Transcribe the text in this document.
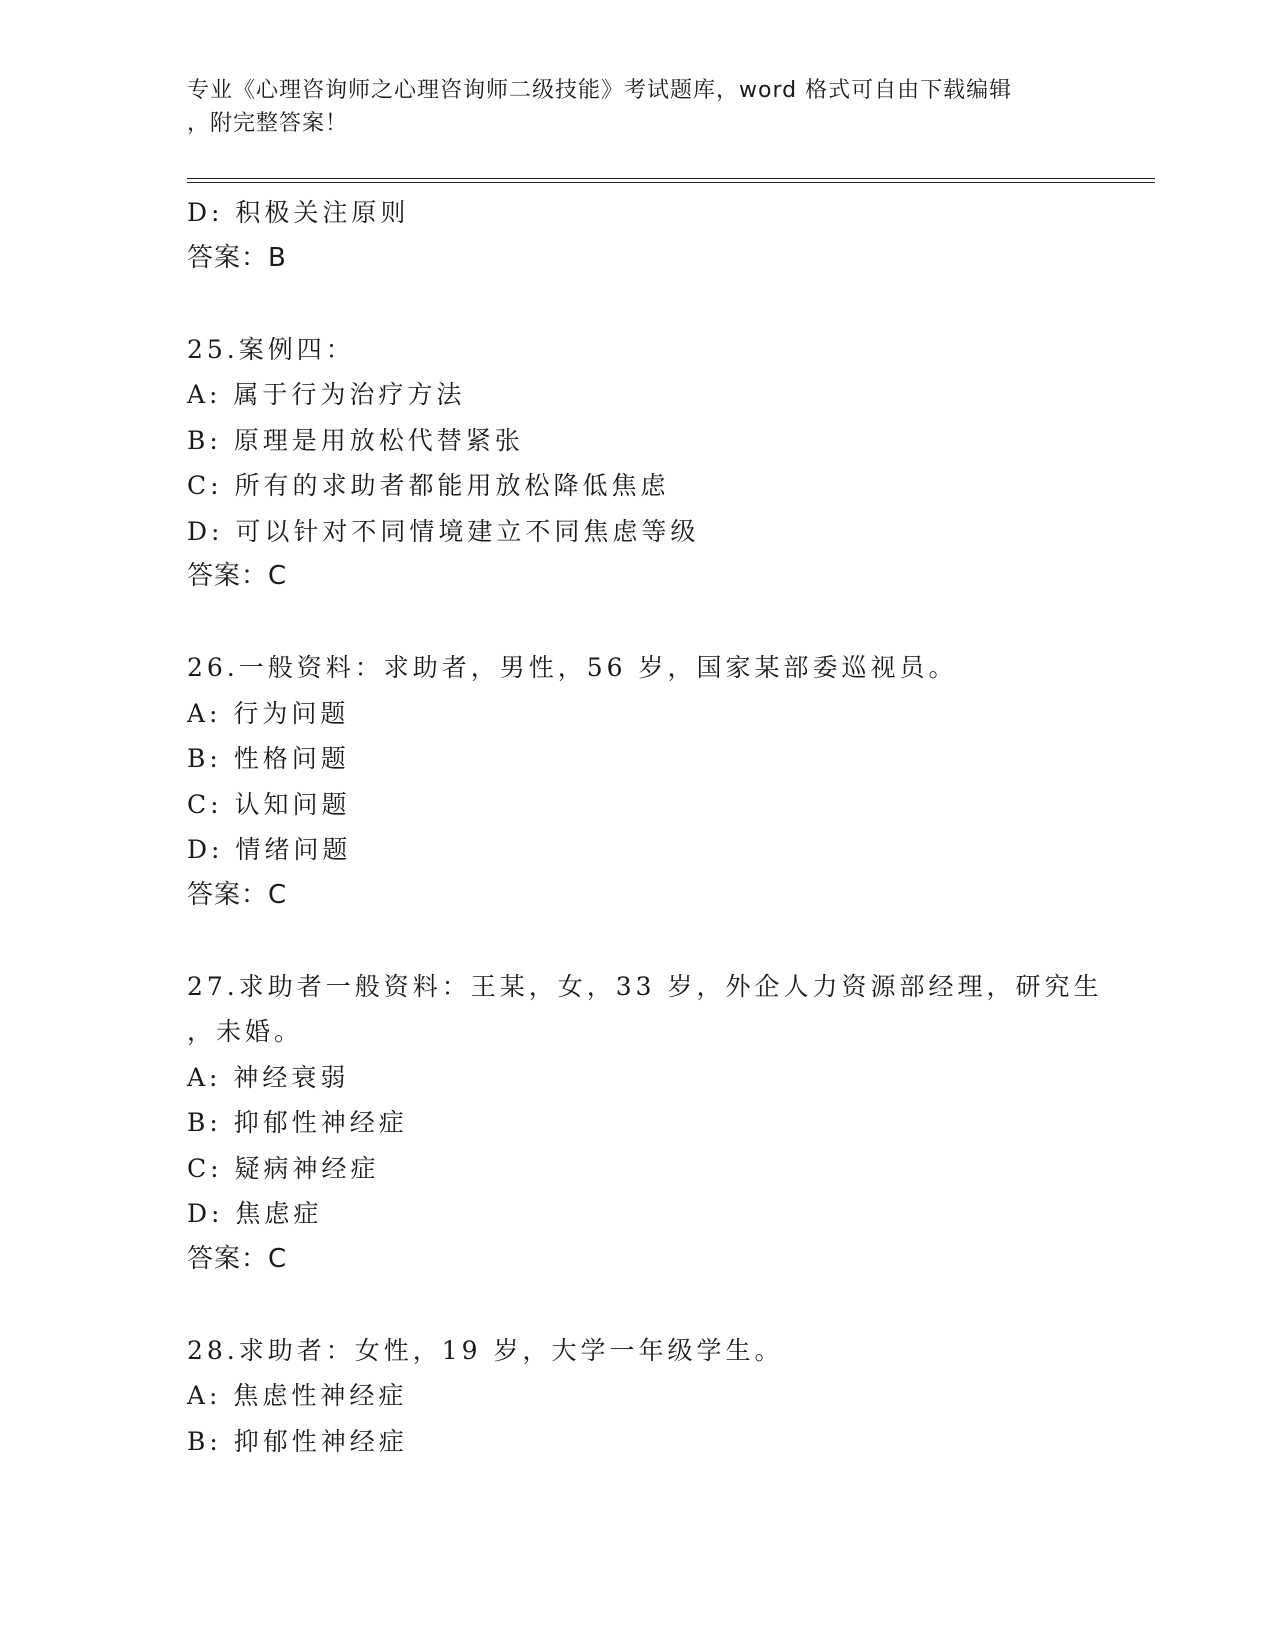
专业《心理咨询师之心理咨询师二级技能》考试题库，word 格式可自由下载编辑
，附完整答案！
D: 积极关注原则
答案：B
25.案例四：
A: 属于行为治疗方法
B: 原理是用放松代替紧张
C: 所有的求助者都能用放松降低焦虑
D: 可以针对不同情境建立不同焦虑等级
答案：C
26.一般资料：求助者，男性，56 岁，国家某部委巡视员。
A: 行为问题
B: 性格问题
C: 认知问题
D: 情绪问题
答案：C
27.求助者一般资料：王某，女，33 岁，外企人力资源部经理，研究生
，未婚。
A: 神经衰弱
B: 抑郁性神经症
C: 疑病神经症
D: 焦虑症
答案：C
28.求助者：女性，19 岁，大学一年级学生。
A: 焦虑性神经症
B: 抑郁性神经症
